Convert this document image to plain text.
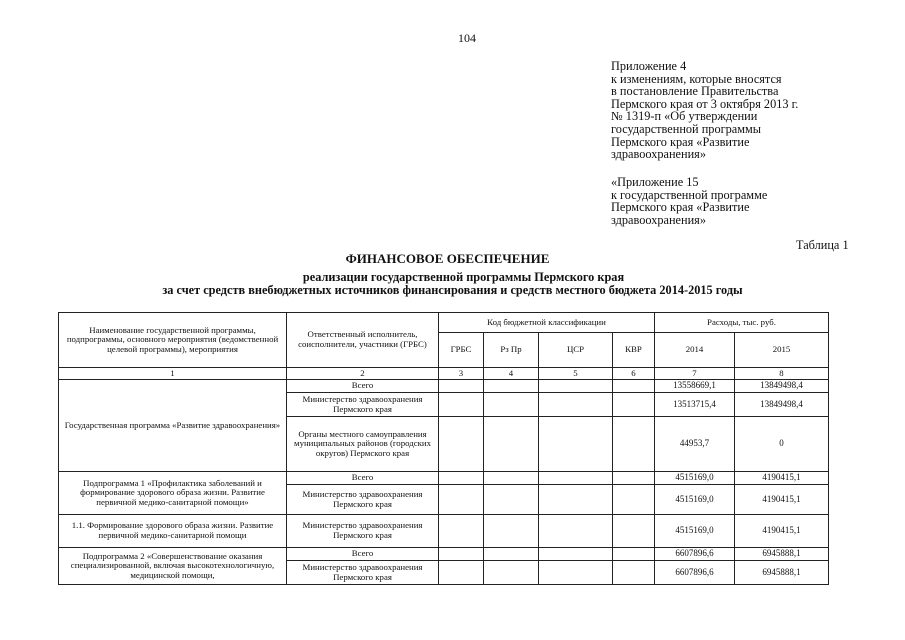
104
Приложение 4
к изменениям, которые вносятся
в постановление Правительства
Пермского края от 3 октября 2013 г.
№ 1319-п «Об утверждении
государственной программы
Пермского края «Развитие
здравоохранения»
«Приложение 15
к государственной программе
Пермского края «Развитие
здравоохранения»
Таблица 1
ФИНАНСОВОЕ ОБЕСПЕЧЕНИЕ
реализации государственной программы Пермского края
за счет средств внебюджетных источников финансирования и средств местного бюджета 2014-2015 годы
Наименование государственной программы, подпрограммы, основного мероприятия (ведомственной целевой программы), мероприятия	Ответственный исполнитель, соисполнители, участники (ГРБС)	Код бюджетной классификации				Расходы, тыс. руб.	
		ГРБС	Рз Пр	ЦСР	КВР	2014	2015
1	2	3	4	5	6	7	8
Государственная программа «Развитие здравоохранения»	Всего					13558669,1	13849498,4
	Министерство здравоохранения Пермского края					13513715,4	13849498,4
	Органы местного самоуправления муниципальных районов (городских округов) Пермского края					44953,7	0
Подпрограмма 1 «Профилактика заболеваний и формирование здорового образа жизни. Развитие первичной медико-санитарной помощи»	Всего					4515169,0	4190415,1
	Министерство здравоохранения Пермского края					4515169,0	4190415,1
1.1. Формирование здорового образа жизни. Развитие первичной медико-санитарной помощи	Министерство здравоохранения Пермского края					4515169,0	4190415,1
Подпрограмма 2 «Совершенствование оказания специализированной, включая высокотехнологичную, медицинской помощи,	Всего					6607896,6	6945888,1
	Министерство здравоохранения Пермского края					6607896,6	6945888,1
